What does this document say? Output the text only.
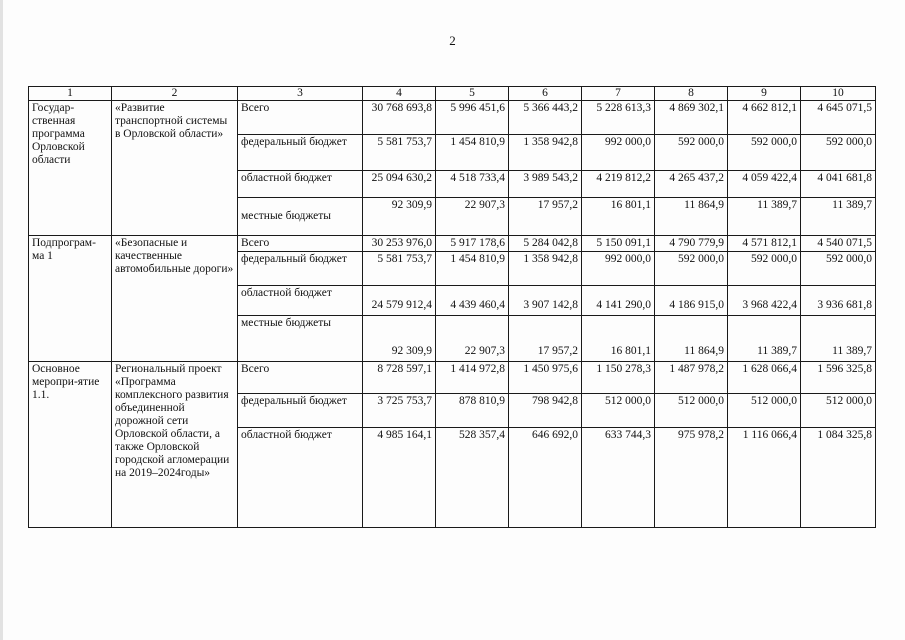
2
1	2	3	4	5	6	7	8	9	10
Государ-ственная программа Орловской области	«Развитие транспортной системы в Орловской области»	Всего	30 768 693,8	5 996 451,6	5 366 443,2	5 228 613,3	4 869 302,1	4 662 812,1	4 645 071,5
		федеральный бюджет	5 581 753,7	1 454 810,9	1 358 942,8	992 000,0	592 000,0	592 000,0	592 000,0
		областной бюджет	25 094 630,2	4 518 733,4	3 989 543,2	4 219 812,2	4 265 437,2	4 059 422,4	4 041 681,8
		местные бюджеты	92 309,9	22 907,3	17 957,2	16 801,1	11 864,9	11 389,7	11 389,7
Подпрограм-ма 1	«Безопасные и качественные автомобильные дороги»	Всего	30 253 976,0	5 917 178,6	5 284 042,8	5 150 091,1	4 790 779,9	4 571 812,1	4 540 071,5
		федеральный бюджет	5 581 753,7	1 454 810,9	1 358 942,8	992 000,0	592 000,0	592 000,0	592 000,0
		областной бюджет	24 579 912,4	4 439 460,4	3 907 142,8	4 141 290,0	4 186 915,0	3 968 422,4	3 936 681,8
		местные бюджеты	92 309,9	22 907,3	17 957,2	16 801,1	11 864,9	11 389,7	11 389,7
Основное меропри-ятие 1.1.	Региональный проект «Программа комплексного развития объединенной дорожной сети Орловской области, а также Орловской городской агломерации на 2019–2024годы»	Всего	8 728 597,1	1 414 972,8	1 450 975,6	1 150 278,3	1 487 978,2	1 628 066,4	1 596 325,8
		федеральный бюджет	3 725 753,7	878 810,9	798 942,8	512 000,0	512 000,0	512 000,0	512 000,0
		областной бюджет	4 985 164,1	528 357,4	646 692,0	633 744,3	975 978,2	1 116 066,4	1 084 325,8
